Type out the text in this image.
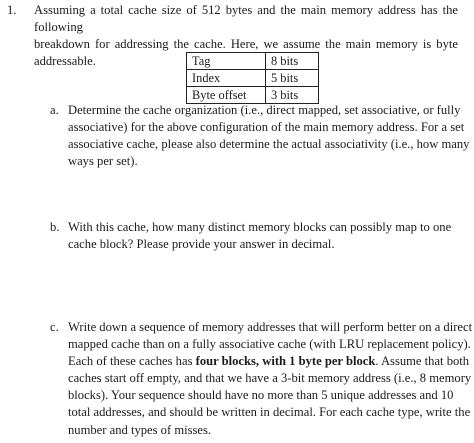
1. Assuming a total cache size of 512 bytes and the main memory address has the following
breakdown for addressing the cache. Here, we assume the main memory is byte
addressable.	Tag	8 bits
Index	5 bits
Byte offset	3 bits
a. Determine the cache organization (i.e., direct mapped, set associative, or fully
associative) for the above configuration of the main memory address. For a set
associative cache, please also determine the actual associativity (i.e., how many
ways per set).
b. With this cache, how many distinct memory blocks can possibly map to one
cache block? Please provide your answer in decimal.
c. Write down a sequence of memory addresses that will perform better on a direct
mapped cache than on a fully associative cache (with LRU replacement policy).
Each of these caches has four blocks, with 1 byte per block. Assume that both
caches start off empty, and that we have a 3-bit memory address (i.e., 8 memory
blocks). Your sequence should have no more than 5 unique addresses and 10
total addresses, and should be written in decimal. For each cache type, write the
number and types of misses.
